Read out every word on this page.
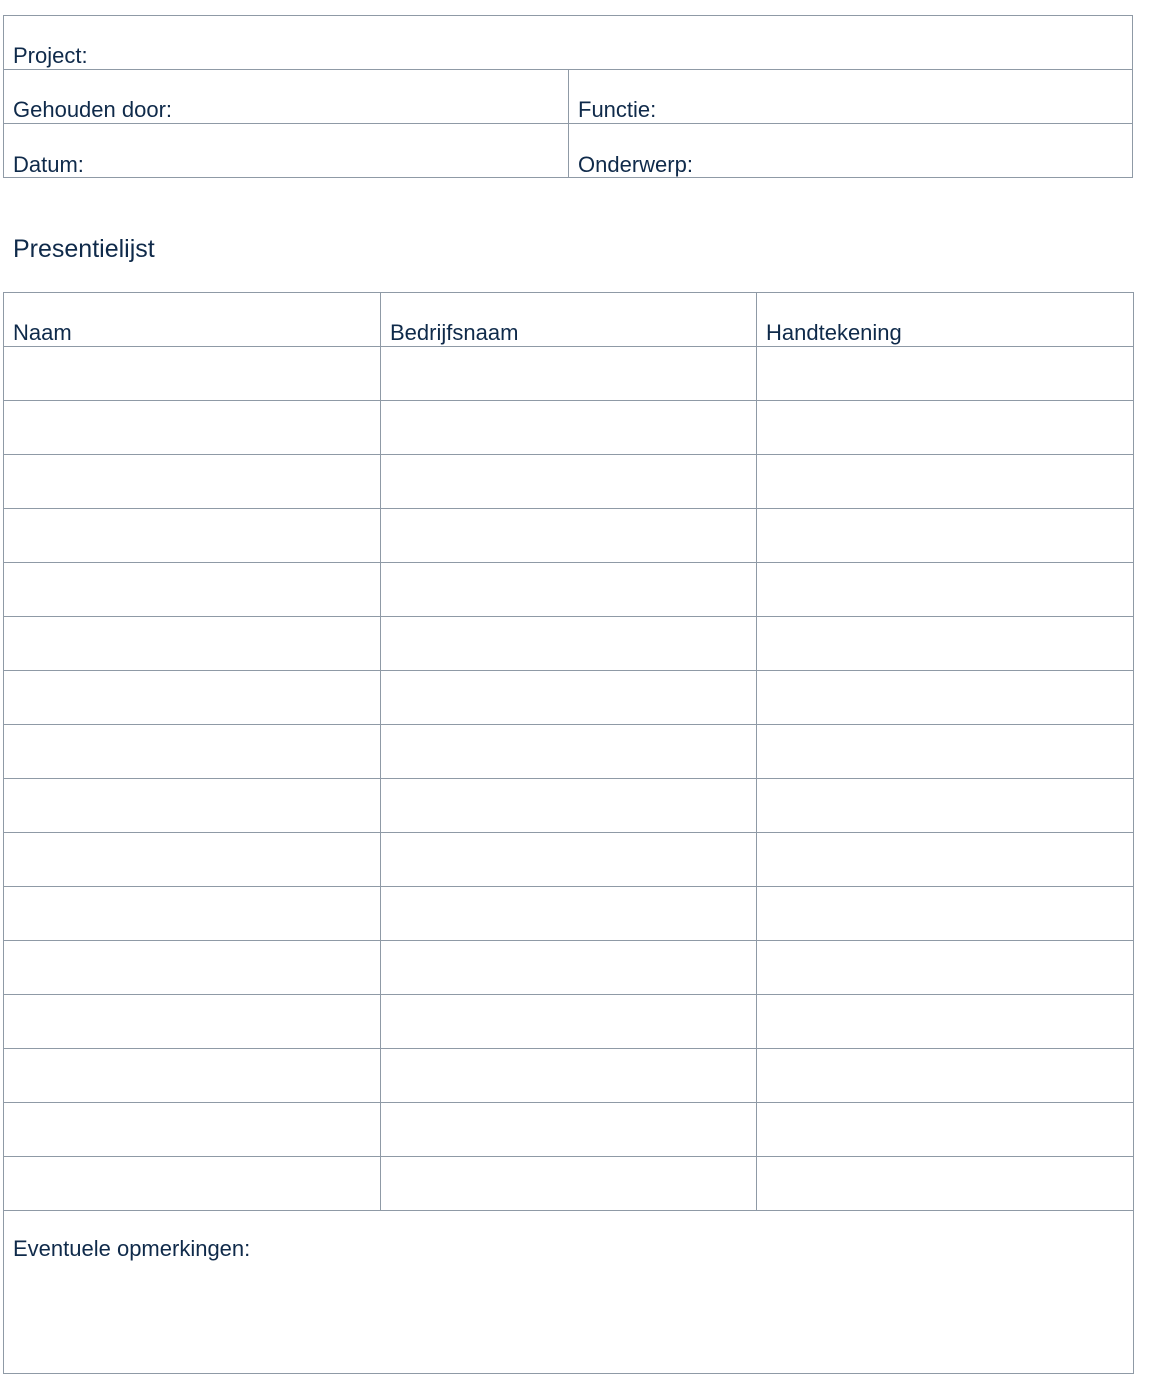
Project:
Gehouden door:	Functie:
Datum:	Onderwerp:
Presentielijst
Naam	Bedrijfsnaam	Handtekening
Eventuele opmerkingen:
